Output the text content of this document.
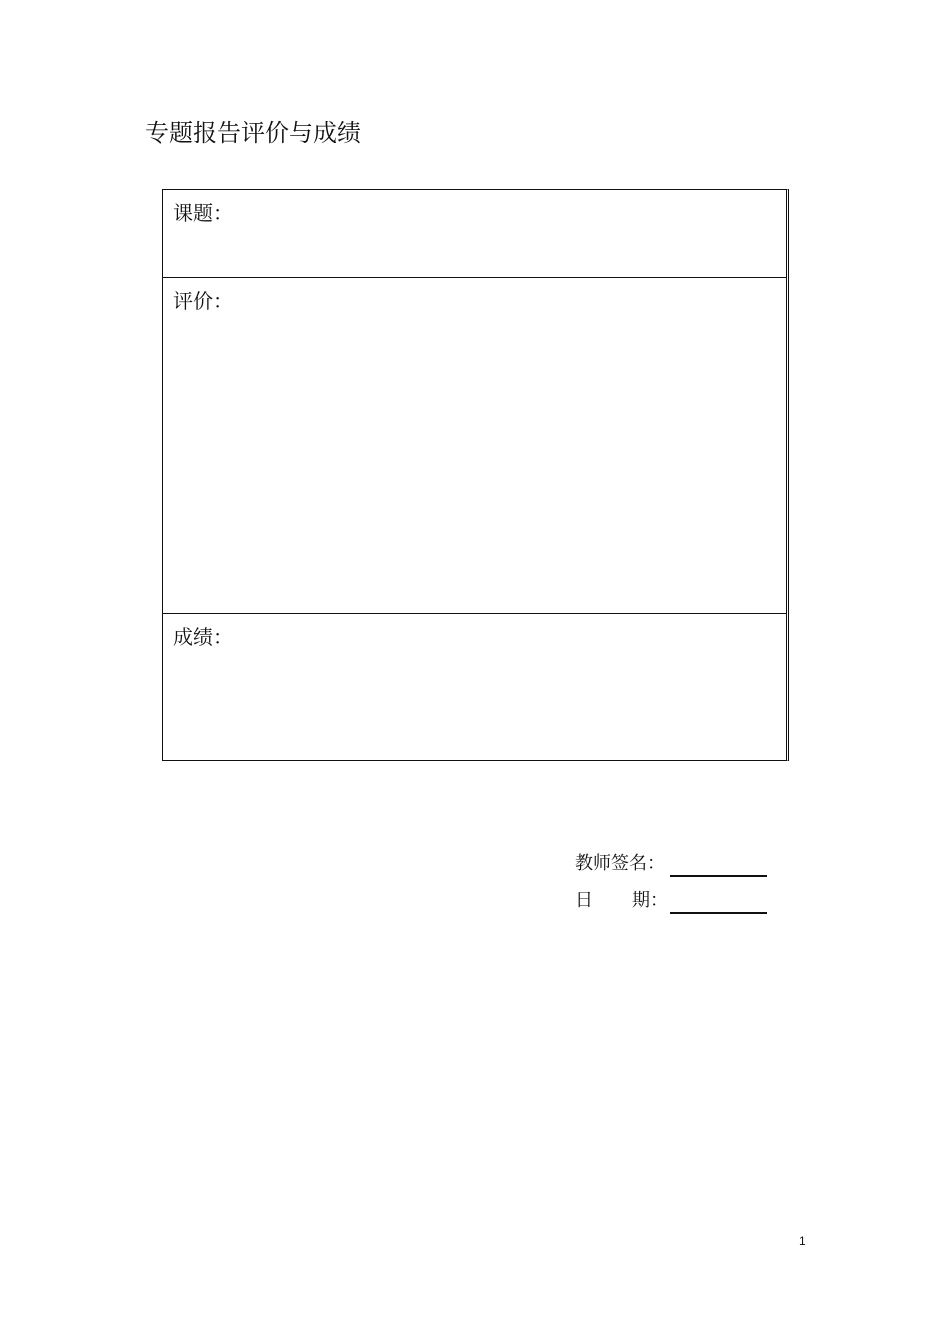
专题报告评价与成绩
课题：
评价：
成绩：
教师签名：
日 期：
1
